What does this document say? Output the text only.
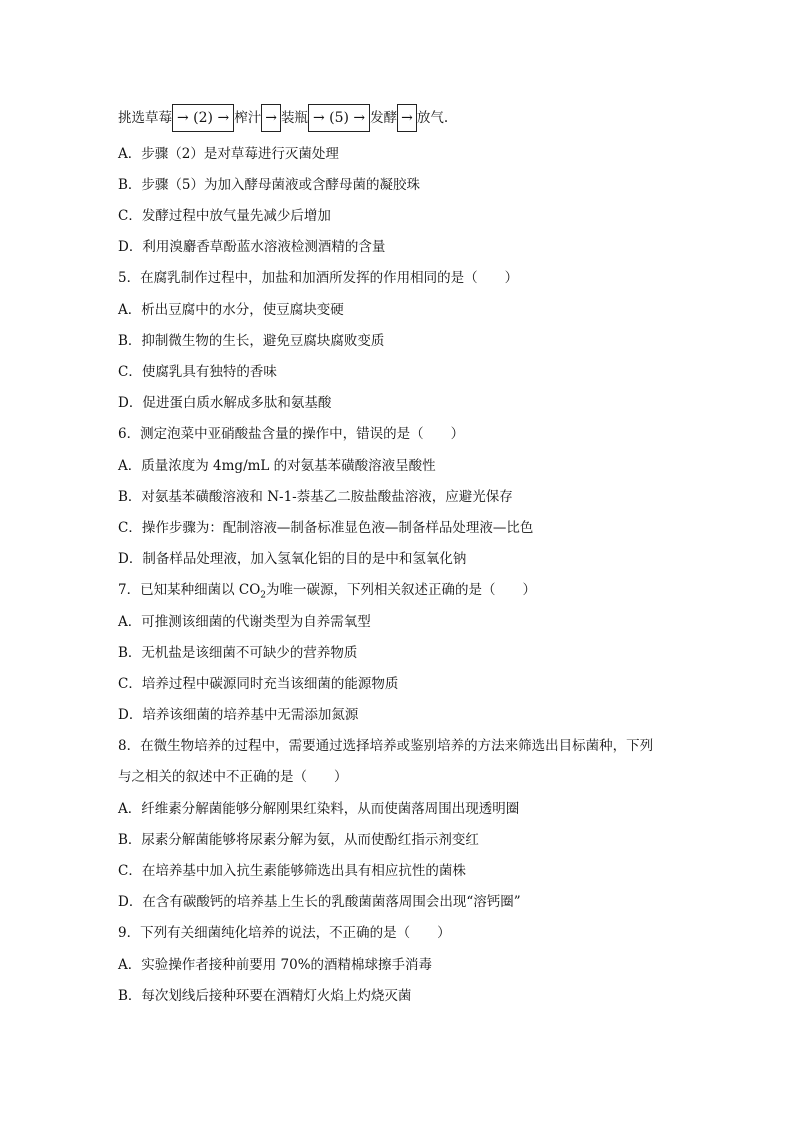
挑选草莓 → (2) → 榨汁 → 装瓶 → (5) → 发酵 → 放气.
A．步骤（2）是对草莓进行灭菌处理
B．步骤（5）为加入酵母菌液或含酵母菌的凝胶珠
C．发酵过程中放气量先减少后增加
D．利用溴麝香草酚蓝水溶液检测酒精的含量
5．在腐乳制作过程中，加盐和加酒所发挥的作用相同的是（　　）
A．析出豆腐中的水分，使豆腐块变硬
B．抑制微生物的生长，避免豆腐块腐败变质
C．使腐乳具有独特的香味
D．促进蛋白质水解成多肽和氨基酸
6．测定泡菜中亚硝酸盐含量的操作中，错误的是（　　）
A．质量浓度为 4mg/mL 的对氨基苯磺酸溶液呈酸性
B．对氨基苯磺酸溶液和 N-1-萘基乙二胺盐酸盐溶液，应避光保存
C．操作步骤为：配制溶液—制备标准显色液—制备样品处理液—比色
D．制备样品处理液，加入氢氧化铝的目的是中和氢氧化钠
7．已知某种细菌以 $CO_2$为唯一碳源，下列相关叙述正确的是（　　）
A．可推测该细菌的代谢类型为自养需氧型
B．无机盐是该细菌不可缺少的营养物质
C．培养过程中碳源同时充当该细菌的能源物质
D．培养该细菌的培养基中无需添加氮源
8．在微生物培养的过程中，需要通过选择培养或鉴别培养的方法来筛选出目标菌种，下列
与之相关的叙述中不正确的是（　　）
A．纤维素分解菌能够分解刚果红染料，从而使菌落周围出现透明圈
B．尿素分解菌能够将尿素分解为氨，从而使酚红指示剂变红
C．在培养基中加入抗生素能够筛选出具有相应抗性的菌株
D．在含有碳酸钙的培养基上生长的乳酸菌菌落周围会出现“溶钙圈”
9．下列有关细菌纯化培养的说法，不正确的是（　　）
A．实验操作者接种前要用 70%的酒精棉球擦手消毒
B．每次划线后接种环要在酒精灯火焰上灼烧灭菌
